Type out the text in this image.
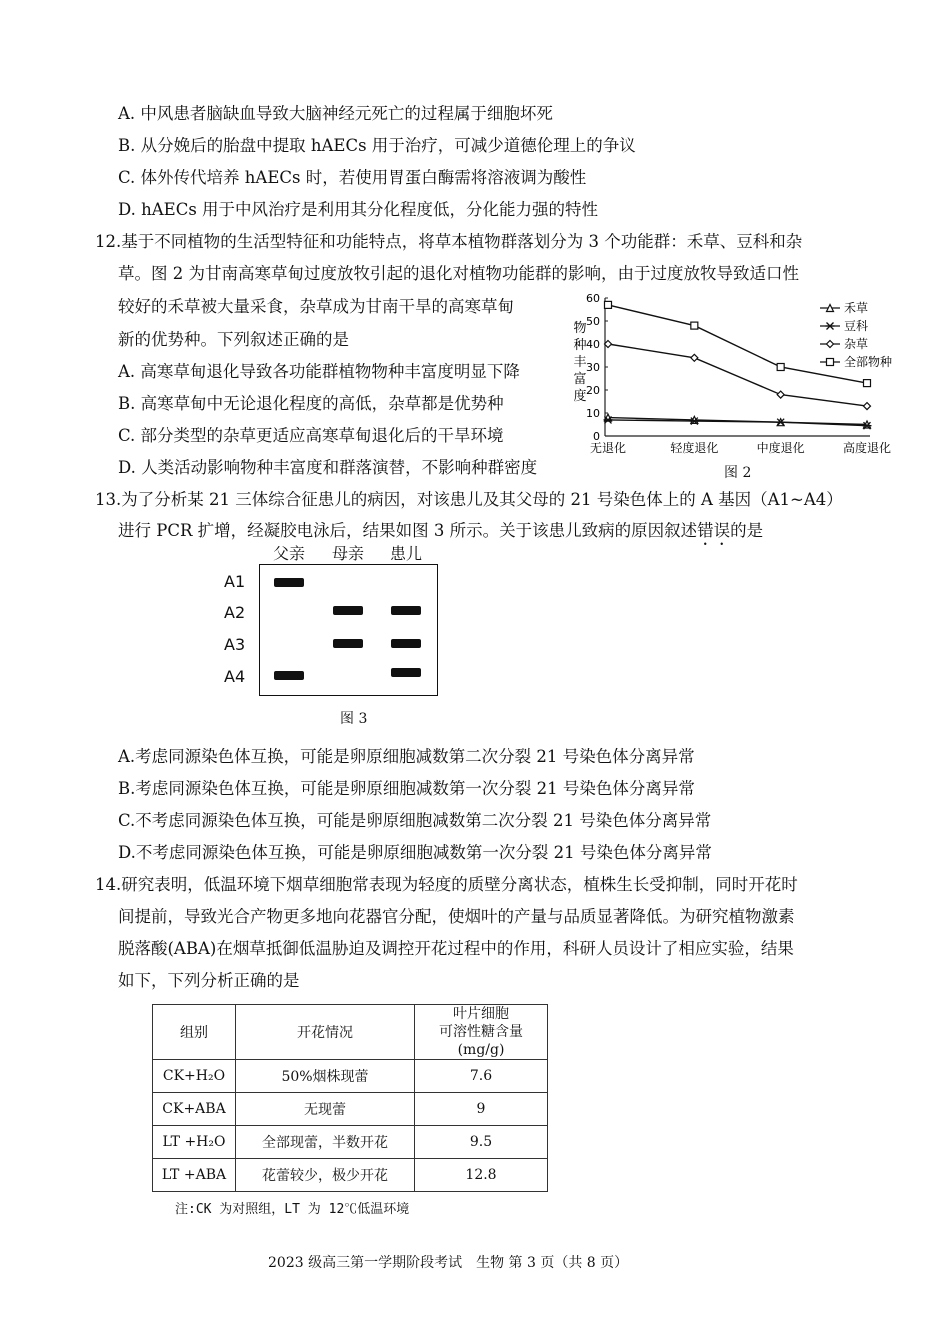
A. 中风患者脑缺血导致大脑神经元死亡的过程属于细胞坏死
B. 从分娩后的胎盘中提取 hAECs 用于治疗，可减少道德伦理上的争议
C. 体外传代培养 hAECs 时，若使用胃蛋白酶需将溶液调为酸性
D. hAECs 用于中风治疗是利用其分化程度低，分化能力强的特性
12.基于不同植物的生活型特征和功能特点，将草本植物群落划分为 3 个功能群：禾草、豆科和杂
草。图 2 为甘南高寒草甸过度放牧引起的退化对植物功能群的影响，由于过度放牧导致适口性
较好的禾草被大量采食，杂草成为甘南干旱的高寒草甸
新的优势种。下列叙述正确的是
A. 高寒草甸退化导致各功能群植物物种丰富度明显下降
B. 高寒草甸中无论退化程度的高低，杂草都是优势种
C. 部分类型的杂草更适应高寒草甸退化后的干旱环境
D. 人类活动影响物种丰富度和群落演替，不影响种群密度
物
种
丰
富
度
0
10
20
30
40
50
60
无退化	轻度退化	中度退化	高度退化
禾草
豆科
杂草
全部物种
图 2
13.为了分析某 21 三体综合征患儿的病因，对该患儿及其父母的 21 号染色体上的 A 基因（A1~A4）
进行 PCR 扩增，经凝胶电泳后，结果如图 3 所示。关于该患儿致病的原因叙述错误的是
父亲 母亲 患儿
A1
A2
A3
A4
图 3
A.考虑同源染色体互换，可能是卵原细胞减数第二次分裂 21 号染色体分离异常
B.考虑同源染色体互换，可能是卵原细胞减数第一次分裂 21 号染色体分离异常
C.不考虑同源染色体互换，可能是卵原细胞减数第二次分裂 21 号染色体分离异常
D.不考虑同源染色体互换，可能是卵原细胞减数第一次分裂 21 号染色体分离异常
14.研究表明，低温环境下烟草细胞常表现为轻度的质壁分离状态，植株生长受抑制，同时开花时
间提前，导致光合产物更多地向花器官分配，使烟叶的产量与品质显著降低。为研究植物激素
脱落酸(ABA)在烟草抵御低温胁迫及调控开花过程中的作用，科研人员设计了相应实验，结果
如下，下列分析正确的是
组别	开花情况	叶片细胞
可溶性糖含量(mg/g)

CK+H₂O	50%烟株现蕾	7.6
CK+ABA	无现蕾	9
LT +H₂O	全部现蕾，半数开花	9.5
LT +ABA	花蕾较少，极少开花	12.8
注:CK 为对照组，LT 为 12℃低温环境
2023 级高三第一学期阶段考试　生物 第 3 页（共 8 页）
